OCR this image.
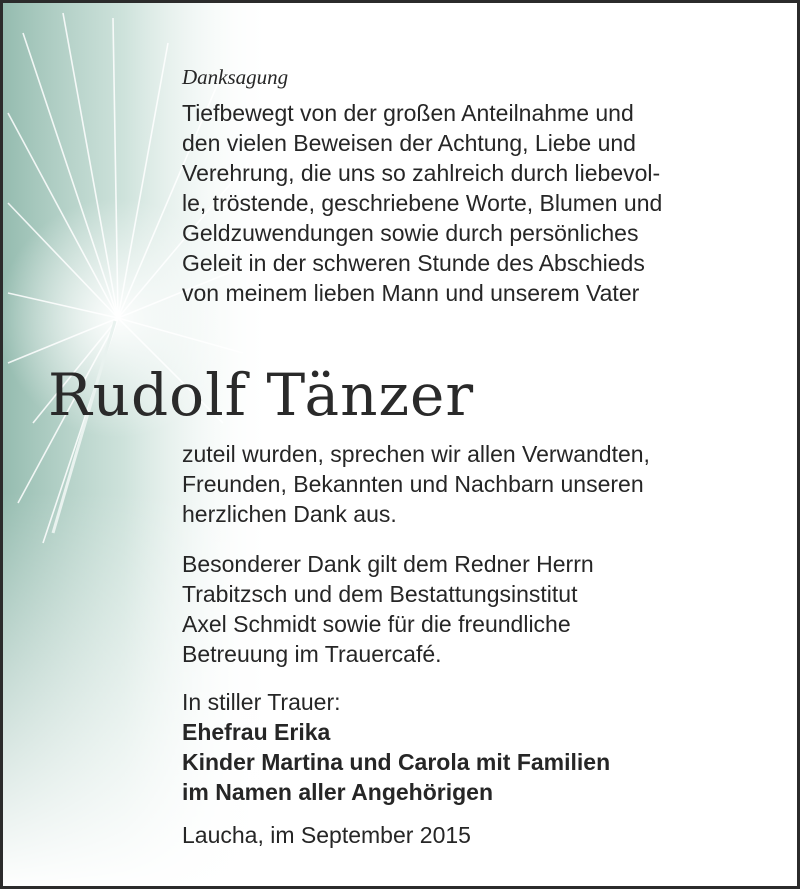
Danksagung

Tiefbewegt von der großen Anteilnahme und

den vielen Beweisen der Achtung, Liebe und

Verehrung, die uns so zahlreich durch liebevol-

le, tröstende, geschriebene Worte, Blumen und

Geldzuwendungen sowie durch persönliches

Geleit in der schweren Stunde des Abschieds

von meinem lieben Mann und unserem Vater

Rudolf Tänzer

zuteil wurden, sprechen wir allen Verwandten,

Freunden, Bekannten und Nachbarn unseren

herzlichen Dank aus.

Besonderer Dank gilt dem Redner Herrn

Trabitzsch und dem Bestattungsinstitut

Axel Schmidt sowie für die freundliche

Betreuung im Trauercafé.

In stiller Trauer:

Ehefrau Erika

Kinder Martina und Carola mit Familien

im Namen aller Angehörigen

Laucha, im September 2015
